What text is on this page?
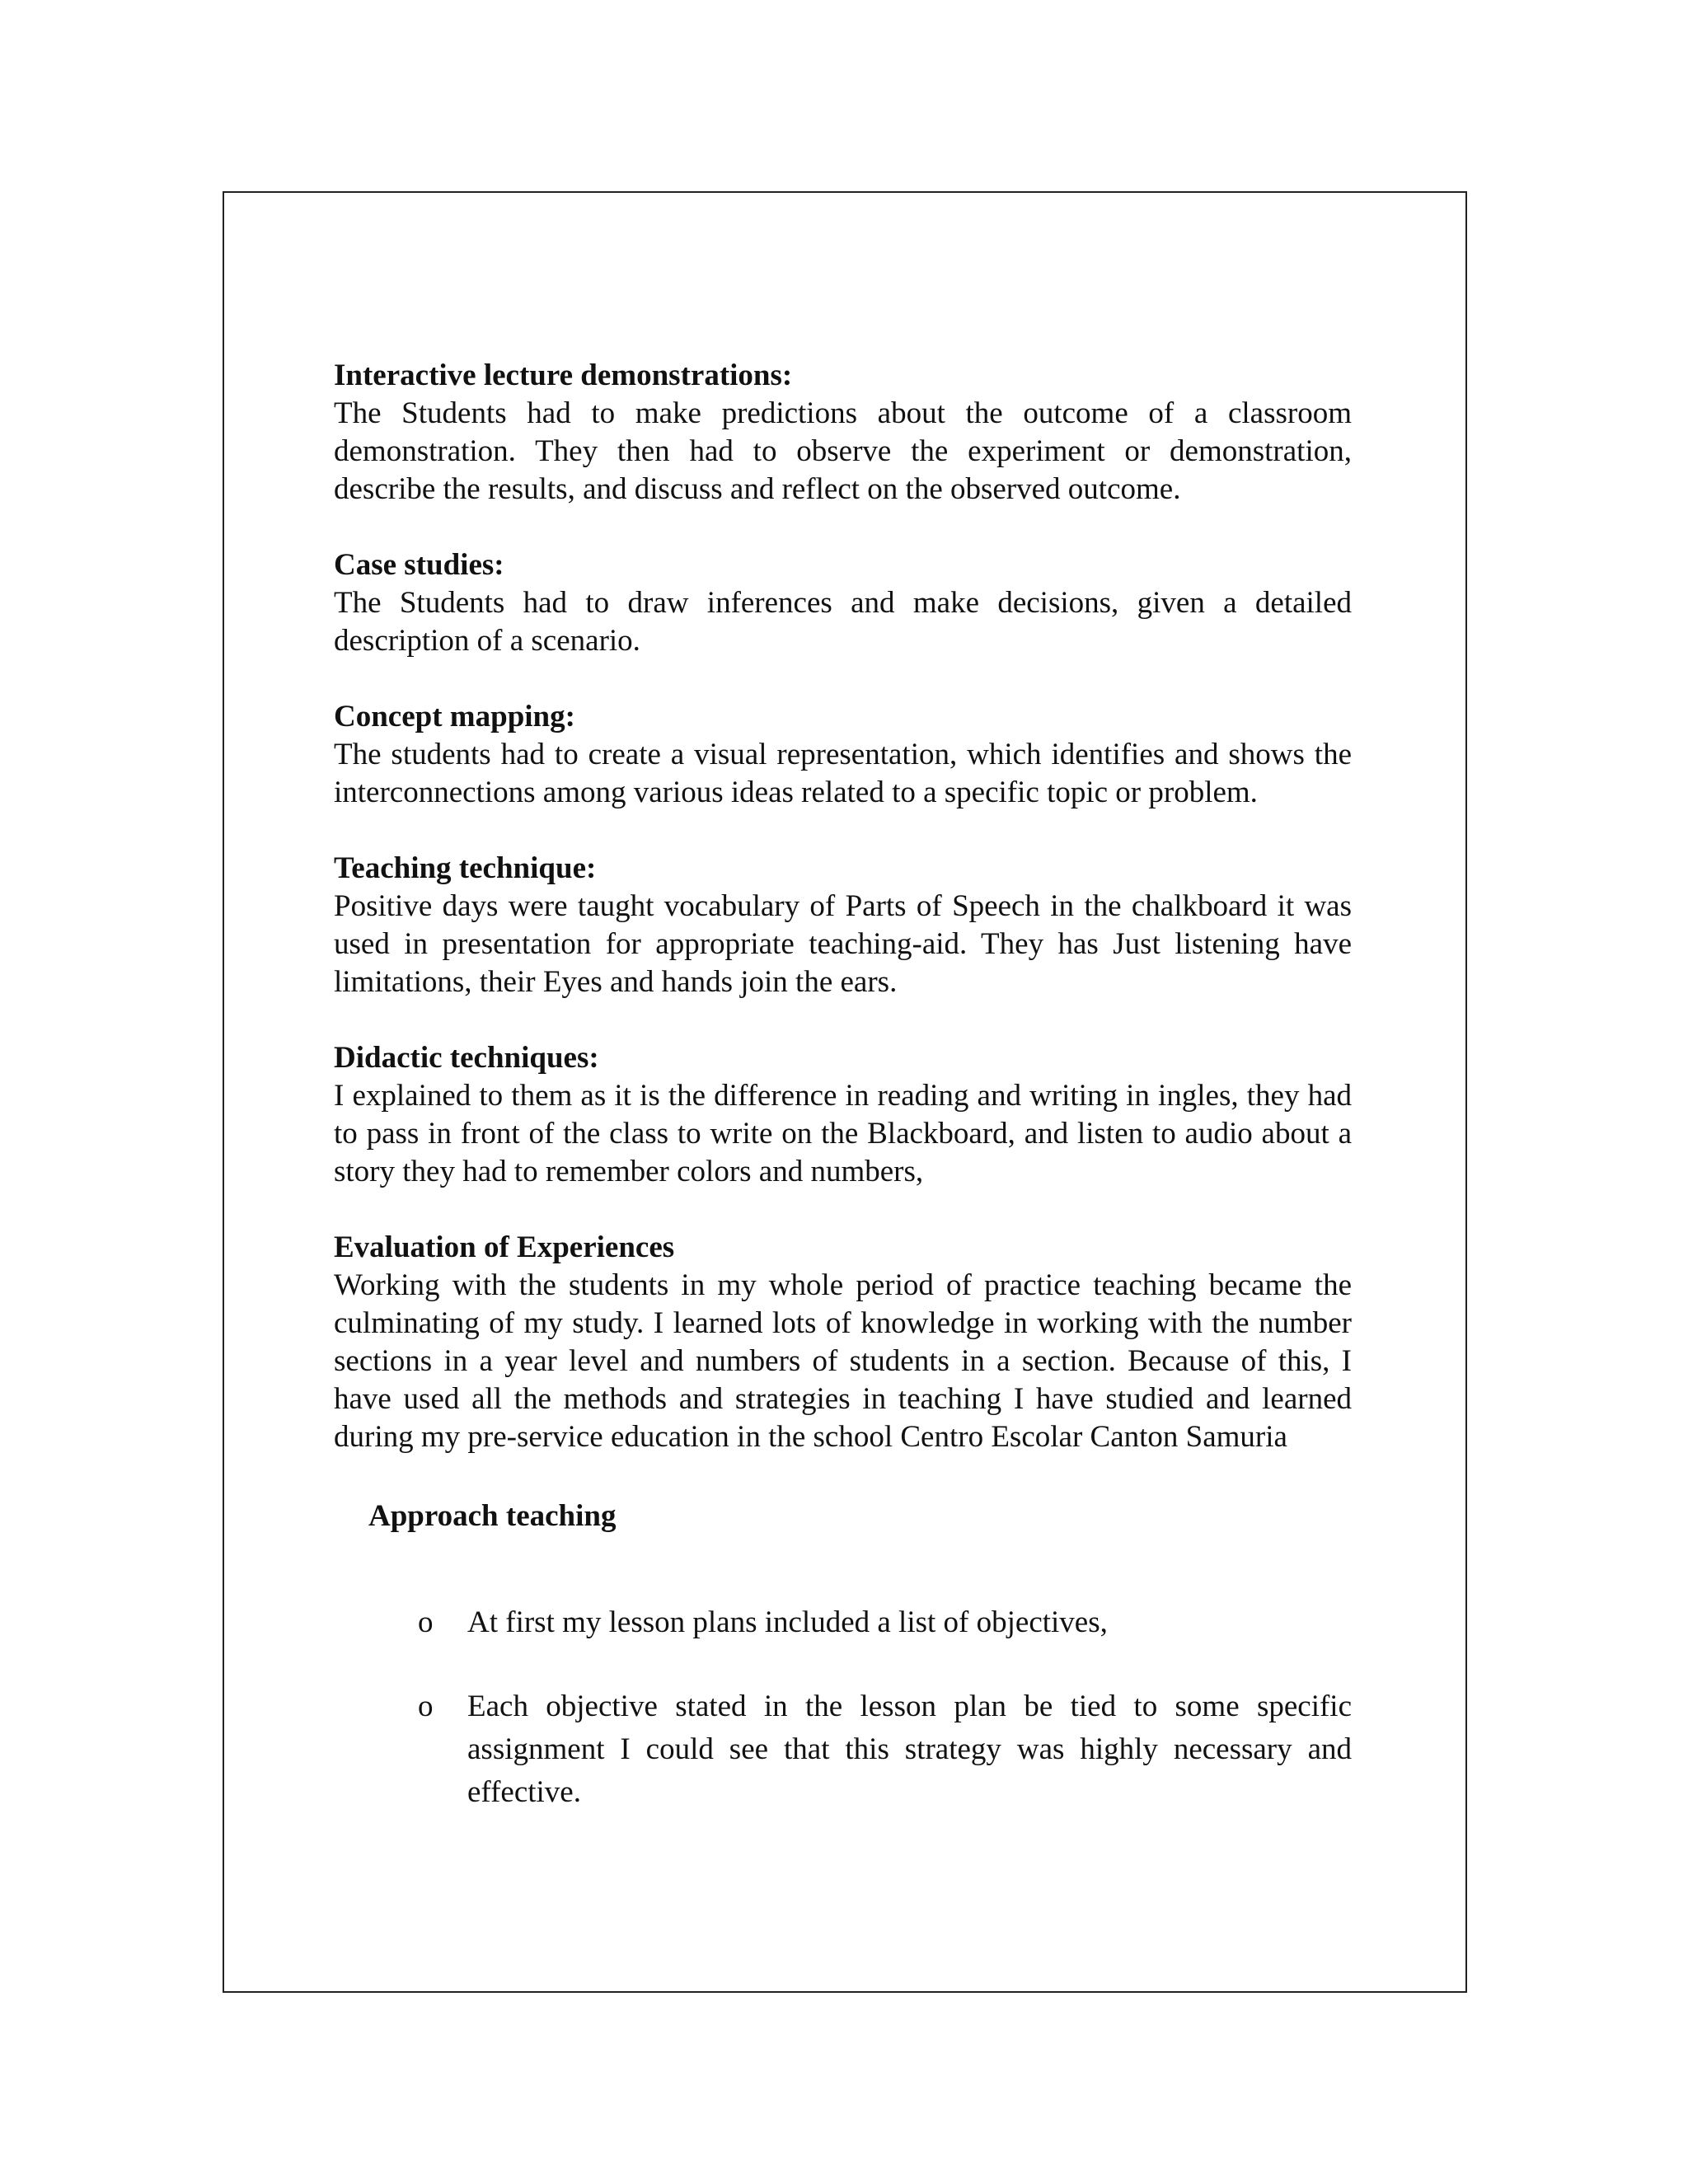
Interactive lecture demonstrations:

The Students had to make predictions about the outcome of a classroom demonstration. They then had to observe the experiment or demonstration, describe the results, and discuss and reflect on the observed outcome.

Case studies:

The Students had to draw inferences and make decisions, given a detailed description of a scenario.

Concept mapping:

The students had to create a visual representation, which identifies and shows the interconnections among various ideas related to a specific topic or problem.

Teaching technique:

Positive days were taught vocabulary of Parts of Speech in the chalkboard it was used in presentation for appropriate teaching-aid. They has Just listening have limitations, their Eyes and hands join the ears.

Didactic techniques:

I explained to them as it is the difference in reading and writing in ingles, they had to pass in front of the class to write on the Blackboard, and listen to audio about a story they had to remember colors and numbers,

Evaluation of Experiences

Working with the students in my whole period of practice teaching became the culminating of my study. I learned lots of knowledge in working with the number sections in a year level and numbers of students in a section. Because of this, I have used all the methods and strategies in teaching I have studied and learned during my pre-service education in the school Centro Escolar Canton Samuria

Approach teaching

o At first my lesson plans included a list of objectives,

o Each objective stated in the lesson plan be tied to some specific assignment I could see that this strategy was highly necessary and effective.
